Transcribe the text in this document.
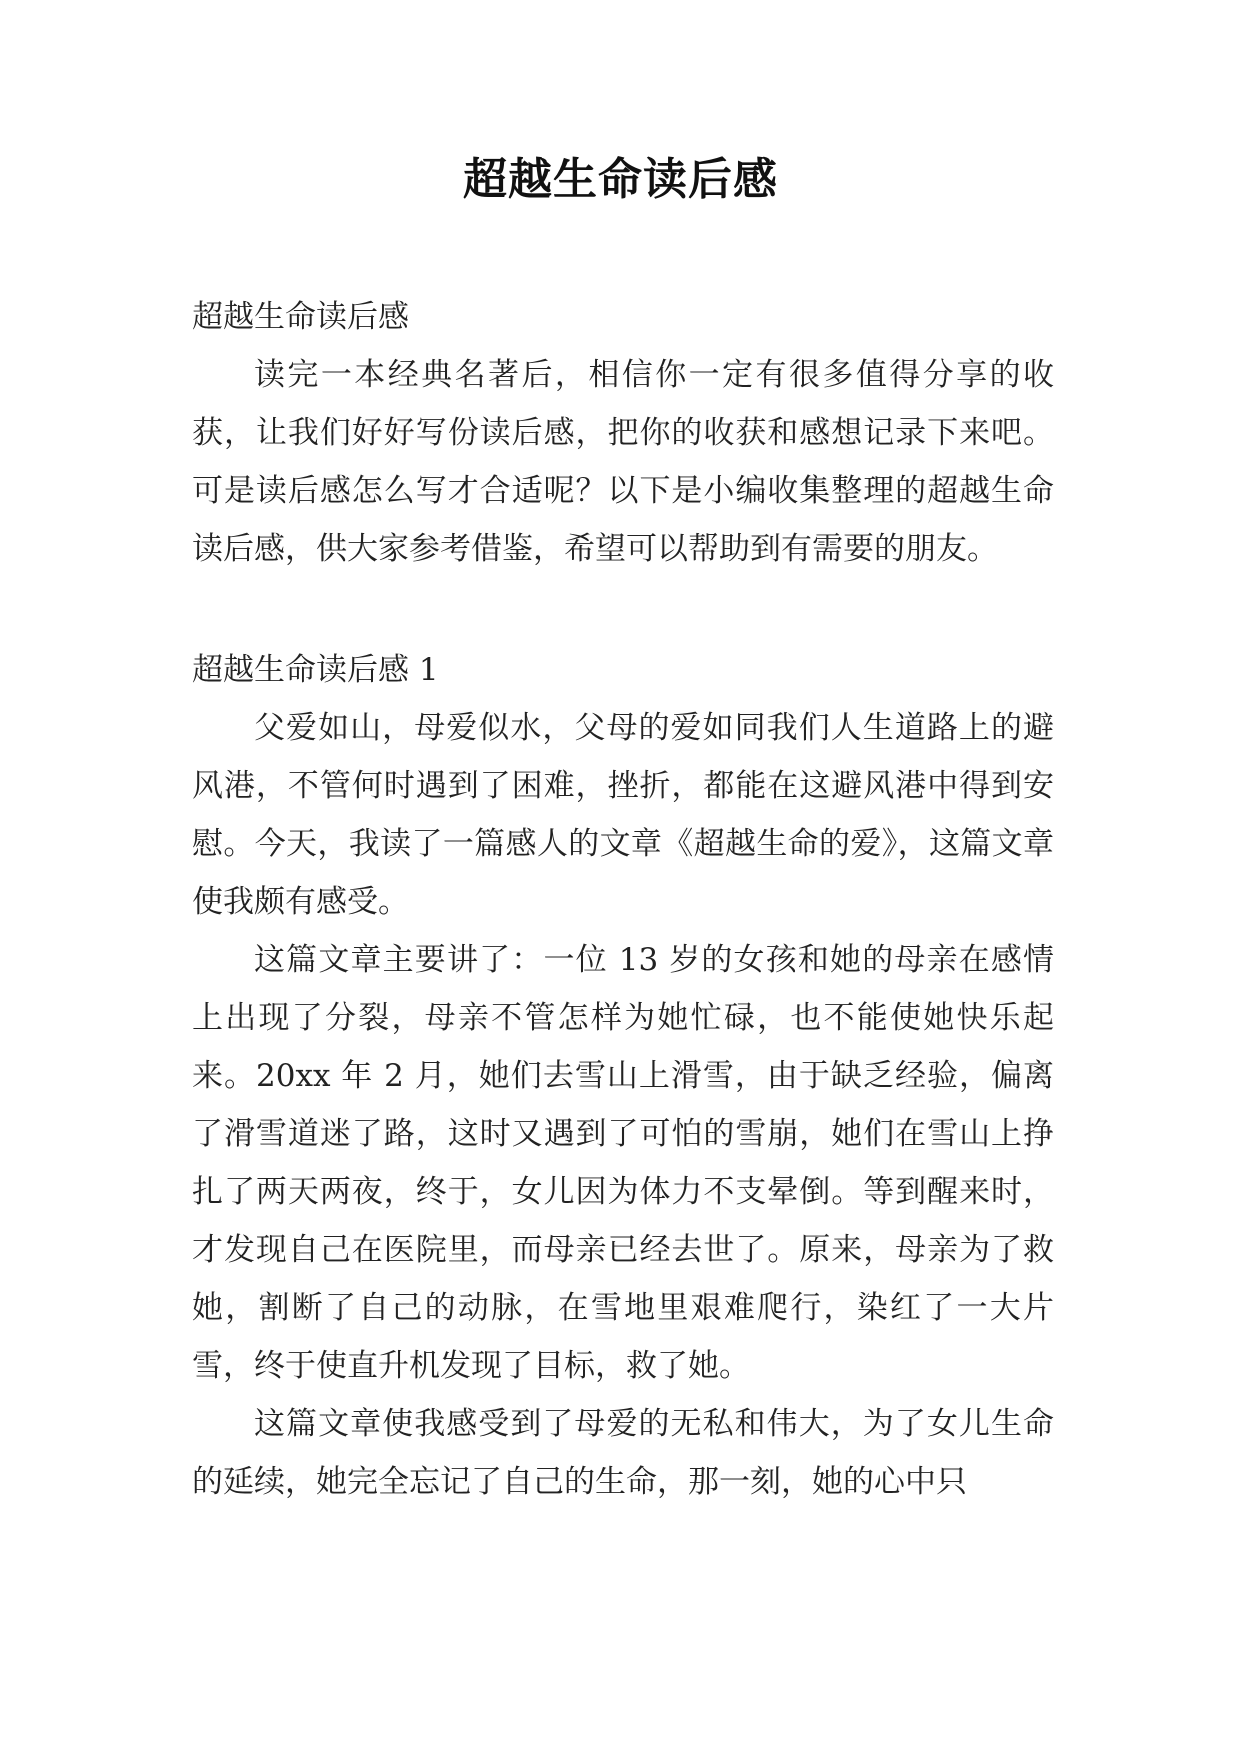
超越生命读后感

超越生命读后感

读完一本经典名著后，相信你一定有很多值得分享的收获，让我们好好写份读后感，把你的收获和感想记录下来吧。可是读后感怎么写才合适呢？以下是小编收集整理的超越生命读后感，供大家参考借鉴，希望可以帮助到有需要的朋友。

超越生命读后感 1

父爱如山，母爱似水，父母的爱如同我们人生道路上的避风港，不管何时遇到了困难，挫折，都能在这避风港中得到安慰。今天，我读了一篇感人的文章《超越生命的爱》，这篇文章使我颇有感受。

这篇文章主要讲了：一位 13 岁的女孩和她的母亲在感情上出现了分裂，母亲不管怎样为她忙碌，也不能使她快乐起来。20xx 年 2 月，她们去雪山上滑雪，由于缺乏经验，偏离了滑雪道迷了路，这时又遇到了可怕的雪崩，她们在雪山上挣扎了两天两夜，终于，女儿因为体力不支晕倒。等到醒来时，才发现自己在医院里，而母亲已经去世了。原来，母亲为了救她，割断了自己的动脉，在雪地里艰难爬行，染红了一大片雪，终于使直升机发现了目标，救了她。

这篇文章使我感受到了母爱的无私和伟大，为了女儿生命的延续，她完全忘记了自己的生命，那一刻，她的心中只
